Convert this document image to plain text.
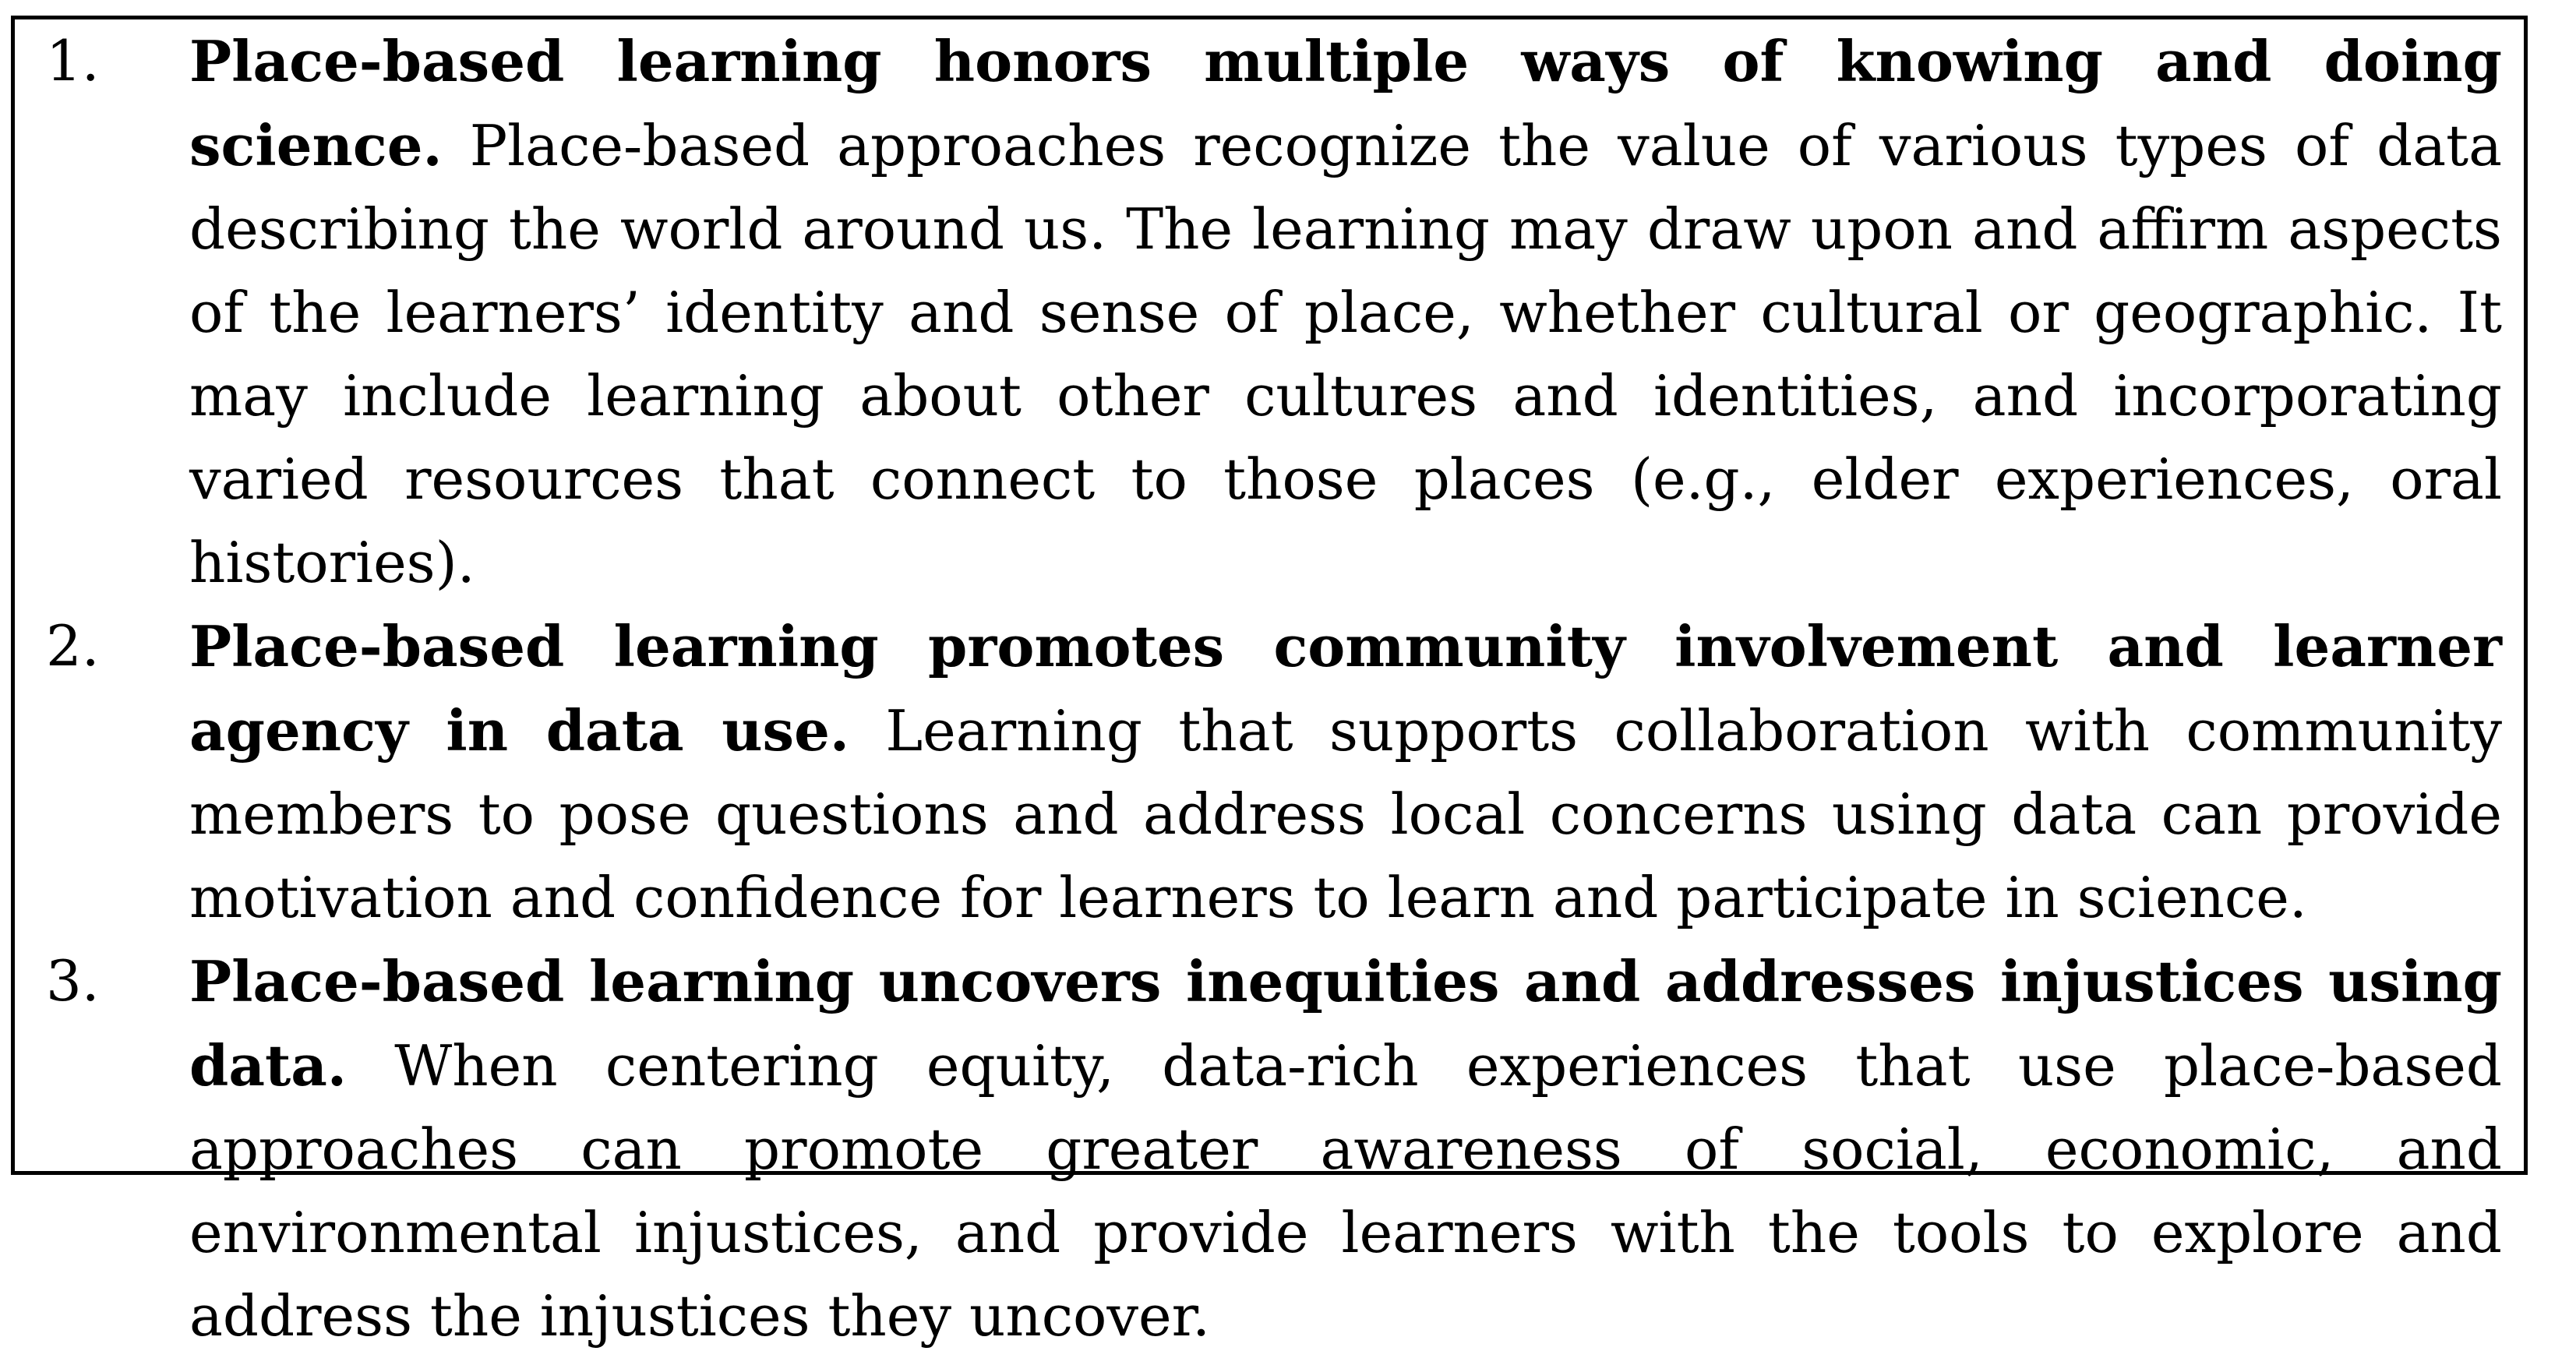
1. Place-based learning honors multiple ways of knowing and doing science. Place-based approaches recognize the value of various types of data describing the world around us. The learning may draw upon and affirm aspects of the learners’ identity and sense of place, whether cultural or geographic. It may include learning about other cultures and identities, and incorporating varied resources that connect to those places (e.g., elder experiences, oral histories).
2. Place-based learning promotes community involvement and learner agency in data use. Learning that supports collaboration with community members to pose questions and address local concerns using data can provide motivation and confidence for learners to learn and participate in science.
3. Place-based learning uncovers inequities and addresses injustices using data. When centering equity, data-rich experiences that use place-based approaches can promote greater awareness of social, economic, and environmental injustices, and provide learners with the tools to explore and address the injustices they uncover.
